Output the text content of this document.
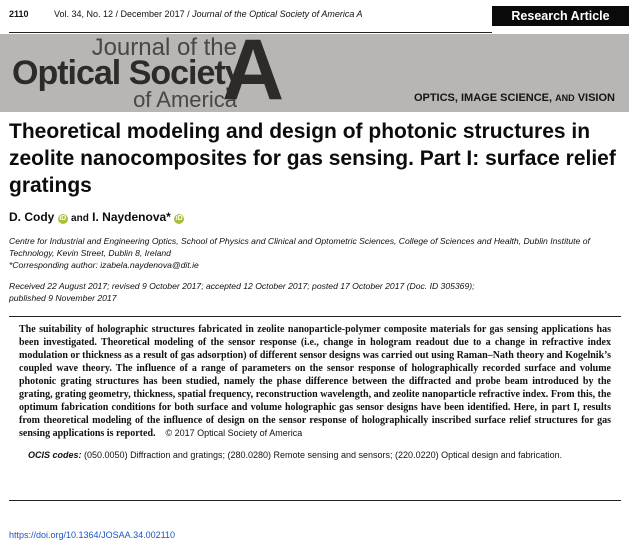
2110	Vol. 34, No. 12 / December 2017 / Journal of the Optical Society of America A	Research Article
Journal of the
Optical Society
of America
A	OPTICS, IMAGE SCIENCE, AND VISION
Theoretical modeling and design of photonic structures in zeolite nanocomposites for gas sensing. Part I: surface relief gratings
D. Cody iD and I. Naydenova* iD
Centre for Industrial and Engineering Optics, School of Physics and Clinical and Optometric Sciences, College of Sciences and Health, Dublin Institute of Technology, Kevin Street, Dublin 8, Ireland
*Corresponding author: izabela.naydenova@dit.ie
Received 22 August 2017; revised 9 October 2017; accepted 12 October 2017; posted 17 October 2017 (Doc. ID 305369);
published 9 November 2017

The suitability of holographic structures fabricated in zeolite nanoparticle-polymer composite materials for gas sensing applications has been investigated. Theoretical modeling of the sensor response (i.e., change in hologram readout due to a change in refractive index modulation or thickness as a result of gas adsorption) of different sensor designs was carried out using Raman–Nath theory and Kogelnik’s coupled wave theory. The influence of a range of parameters on the sensor response of holographically recorded surface and volume photonic grating structures has been studied, namely the phase difference between the diffracted and probe beam introduced by the grating, grating geometry, thickness, spatial frequency, reconstruction wavelength, and zeolite nanoparticle refractive index. From this, the optimum fabrication conditions for both surface and volume holographic gas sensor designs have been identified. Here, in part I, results from theoretical modeling of the influence of design on the sensor response of holographically inscribed surface relief structures for gas sensing applications is reported. © 2017 Optical Society of America

OCIS codes: (050.0050) Diffraction and gratings; (280.0280) Remote sensing and sensors; (220.0220) Optical design and fabrication.
https://doi.org/10.1364/JOSAA.34.002110
